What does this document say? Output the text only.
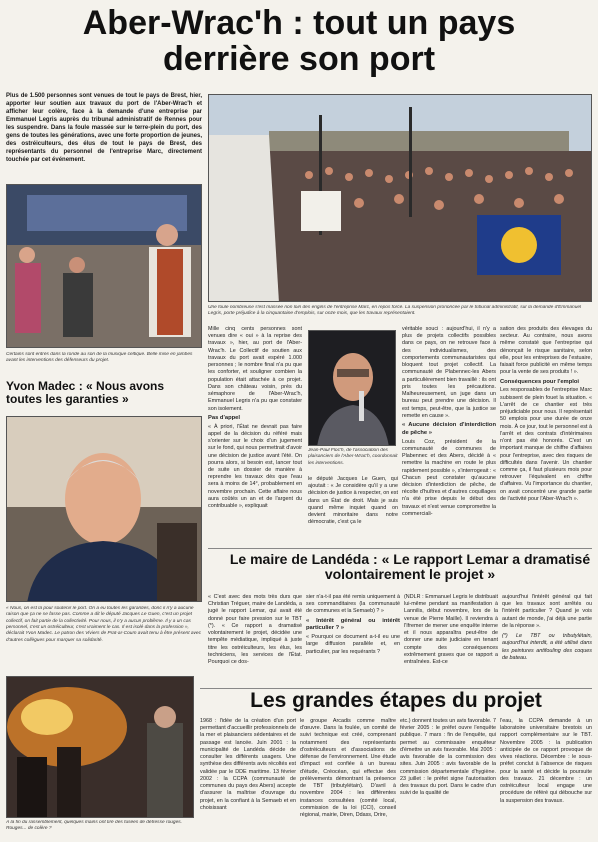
Aber-Wrac'h : tout un pays
derrière son port
Plus de 1.500 personnes sont venues de tout le pays de Brest, hier, apporter leur soutien aux travaux du port de l'Aber-Wrac'h et afficher leur colère, face à la demande d'une entreprise par Emmanuel Legris auprès du tribunal administratif de Rennes pour les suspendre. Dans la foule massée sur le terre-plein du port, des gens de toutes les générations, avec une forte proportion de jeunes, des ostréiculteurs, des élus de tout le pays de Brest, des représentants du personnel de l'entreprise Marc, directement touchée par cet événement.
Certains sont entrés dans la ronde au son de la musique celtique. Belle mise en jambes avant les interventions des défenseurs du projet.
Yvon Madec : « Nous avons toutes les garanties »
« Nous, on est là pour soutenir le port. On a eu toutes les garanties, donc il n'y a aucune raison que ça ne se fasse pas. Comme a dit le député Jacques Le Guen, c'est un projet collectif, on fait partie de la collectivité. Pour nous, il n'y a aucun problème. Il y a un cas personnel, c'est un ostréiculteur, c'est vraiment le cas. Il est isolé dans la profession », déclarait Yvon Madec. Le patron des Viviers de Prat-ar-Coum avait tenu à être présent avec d'autres collègues pour marquer sa solidarité.
À la fin du rassemblement, quelques mains ont tiré des fusées de détresse rouges. Rouges... de colère ?
Une foule nombreuse s'est massée non loin des engins de l'entreprise Marc, en repos forcé. La suspension prononcée par le tribunal administratif, sur la demande d'Emmanuel Legris, porte préjudice à la cinquantaine d'emplois, sur onze mois, que les travaux représentaient.

Mille cinq cents personnes sont venues dire « oui » à la reprise des travaux », hier, au port de l'Aber-Wrac'h. Le Collectif de soutien aux travaux du port avait espéré 1.000 personnes ; le nombre final n'a pu que les conforter, et souligner combien la population était attachée à ce projet. Dans son château voisin, près du sémaphore de l'Aber-Wrac'h, Emmanuel Legris n'a pu que constater son isolement.

Pas d'appel

« À priori, l'État ne devrait pas faire appel de la décision du référé mais s'orienter sur le choix d'un jugement sur le fond, qui nous permettrait d'avoir une décision de justice avant l'été. On pourra alors, si besoin est, lancer tout de suite un dossier de manière à reprendre les travaux dès que l'eau sera à moins de 14°, probablement en novembre prochain. Cette affaire nous aura coûtés un an et de l'argent du contribuable », expliquait

Jean-Paul Floc'h, de l'association des plaisanciers de l'Aber-Wrac'h, coordonnait les interventions.
le député Jacques Le Guen, qui ajoutait : « Je considère qu'il y a une décision de justice à respecter, on est dans un État de droit. Mais je suis quand même inquiet quand on devient minoritaire dans notre démocratie, c'est ça le

véritable souci : aujourd'hui, il n'y a plus de projets collectifs possibles dans ce pays, on ne retrouve face à des individualismes, des comportements communautaristes qui bloquent tout projet collectif. La communauté de Plabennec-les Abers a particulièrement bien travaillé : ils ont pris toutes les précautions. Malheureusement, un juge dans un bureau peut prendre une décision. Il est temps, peut-être, que la justice se remette en cause ».

« Aucune décision d'interdiction de pêche »

Louis Coz, président de la communauté de communes de Plabennec et des Abers, décidé à « remettre la machine en route le plus rapidement possible », s'interrogeait : « Chacun peut constater qu'aucune décision d'interdiction de pêche, de récolte d'huîtres et d'autres coquillages n'a été prise depuis le début des travaux et n'est venue compromettre la commerciali-

sation des produits des élevages du secteur. Au contraire, nous avons même constaté que l'entreprise qui dénonçait le risque sanitaire, selon elle, pour les entreprises de l'estuaire, faisait force publicité en même temps pour la vente de ses produits ! ».

Conséquences pour l'emploi

Les responsables de l'entreprise Marc subissent de plein fouet la situation. « L'arrêt de ce chantier est très préjudiciable pour nous. Il représentait 50 emplois pour une durée de onze mois. À ce jour, tout le personnel est à l'arrêt et des contrats d'intérimaires n'ont pas été honorés. C'est un important manque de chiffre d'affaires pour l'entreprise, avec des risques de difficultés dans l'avenir. Un chantier comme ça, il faut plusieurs mois pour retrouver l'équivalent en chiffre d'affaires. Vu l'importance du chantier, on avait concentré une grande partie de l'activité pour l'Aber-Wrac'h ».

Le maire de Landéda : « Le rapport Lemar a dramatisé volontairement le projet »
« C'est avec des mots très durs que Christian Tréguer, maire de Landéda, a jugé le rapport Lemar, qui avait été donné pour faire pression sur le TBT (*). « Ce rapport a dramatisé volontairement le projet, décidée une tempête médiatique, impliqué à juste titre les ostréiculteurs, les élus, les techniciens, les services de l'État. Pourquoi ce dos-

sier n'a-t-il pas été remis uniquement à ses commanditaires (la communauté de communes et la Semaeb) ? »

« Intérêt général ou intérêt particulier ? »

« Pourquoi ce document a-t-il eu une large diffusion parallèle et, en particulier, par les requérants ?

(NDLR : Emmanuel Legris le distribuait lui-même pendant sa manifestation à Lannilis, début novembre, lors de la venue de Pierre Maille). Il reviendra à l'Ifremer de mener une enquête interne et il nous apparaîtra peut-être de donner une suite judiciaire en tenant compte des conséquences extrêmement graves que ce rapport a entraînées. Est-ce

aujourd'hui l'intérêt général qui fait que les travaux sont arrêtés ou l'intérêt particulier ? Quand je vois autant de monde, j'ai déjà une partie de la réponse ».

(*) Le TBT ou tributylétain, aujourd'hui interdit, a été utilisé dans les peintures antifouling des coques de bateau.

Les grandes étapes du projet
1968 : l'idée de la création d'un port permettant d'accueillir professionnels de la mer et plaisanciers sédentaires et de passage est lancée. Juin 2001 : la municipalité de Landéda décide de consulter les différents usagers. Une synthèse des différents avis récoltés est validée par le DDE maritime. 13 février 2002 : la CCPA (communauté de communes du pays des Abers) accepte d'assurer la maîtrise d'ouvrage du projet, en la confiant à la Semaeb et en choisissant
le groupe Arcadis comme maître d'œuvre. Dans la foulée, un comité de suivi technique est créé, comprenant notamment des représentants d'ostréiculteurs et d'associations de défense de l'environnement. Une étude d'impact est confiée à un bureau d'étude, Créocéan, qui effectue des prélèvements démontrant la présence de TBT (tributylétain). D'avril à novembre 2004 : les différentes instances consultées (comité local, commission de la loi (CCI), conseil régional, mairie, Diren, Ddass, Drire,
etc.) donnent toutes un avis favorable. 7 février 2005 : le préfet ouvre l'enquête publique. 7 mars : fin de l'enquête, qui permet au commissaire enquêteur d'émettre un avis favorable. Mai 2005 : avis favorable de la commission des sites. Juin 2005 : avis favorable de la commission départementale d'hygiène. 23 juillet : le préfet signe l'autorisation des travaux du port. Dans le cadre d'un suivi de la qualité de
l'eau, la CCPA demande à un laboratoire universitaire brestois un rapport complémentaire sur le TBT. Novembre 2005 : la publication anticipée de ce rapport provoque de vives réactions. Décembre : le sous-préfet conclut à l'absence de risques pour la santé et décide la poursuite des travaux. 21 décembre : un ostréiculteur local engage une procédure de référé qui débouche sur la suspension des travaux.
